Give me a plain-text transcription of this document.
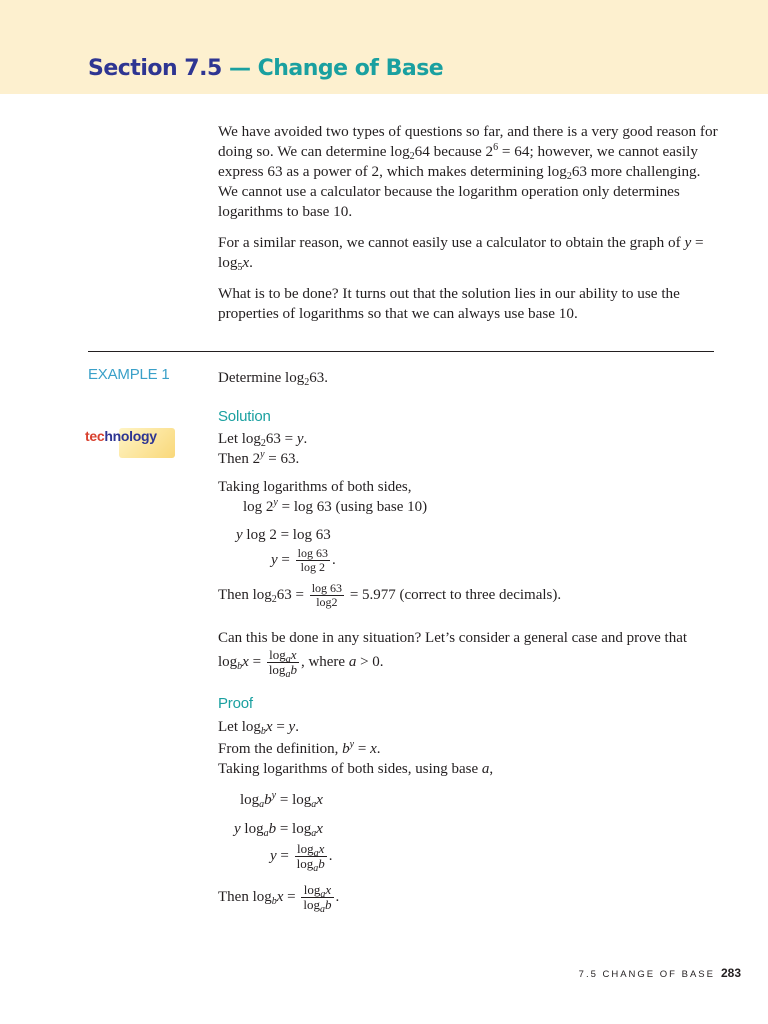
Section 7.5 — Change of Base

We have avoided two types of questions so far, and there is a very good reason for doing so. We can determine $\log_264$ because $2^6 = 64$; however, we cannot easily express 63 as a power of 2, which makes determining $\log_263$ more challenging. We cannot use a calculator because the logarithm operation only determines logarithms to base 10.

For a similar reason, we cannot easily use a calculator to obtain the graph of $y = \log_5x$.

What is to be done? It turns out that the solution lies in our ability to use the properties of logarithms so that we can always use base 10.

EXAMPLE 1
technology
Determine $\log_263$.
Solution
Let $\log_263 = y$.
Then $2^y = 63$.
Taking logarithms of both sides,
$\log 2^y = \log 63$ (using base 10)
y log 2 = log 63
$y = \frac{\log 63}{\log 2}$ .
Then $\log_263 = \frac{\log 63}{\log 2} = 5.977$ (correct to three decimals).
Can this be done in any situation? Let’s consider a general case and prove that
$\log_bx = \frac{\log_ax}{\log_ab}$ , where a > 0.
Proof
Let $\log_bx = y$.
From the definition, $b^y = x$.
Taking logarithms of both sides, using base a,
$\log_ab^y = \log_ax$
y $\log_ab = \log_ax$
$y = \frac{\log_ax}{\log_ab}$ .
Then $\log_bx = \frac{\log_ax}{\log_ab}$ .
7.5 CHANGE OF BASE 283
